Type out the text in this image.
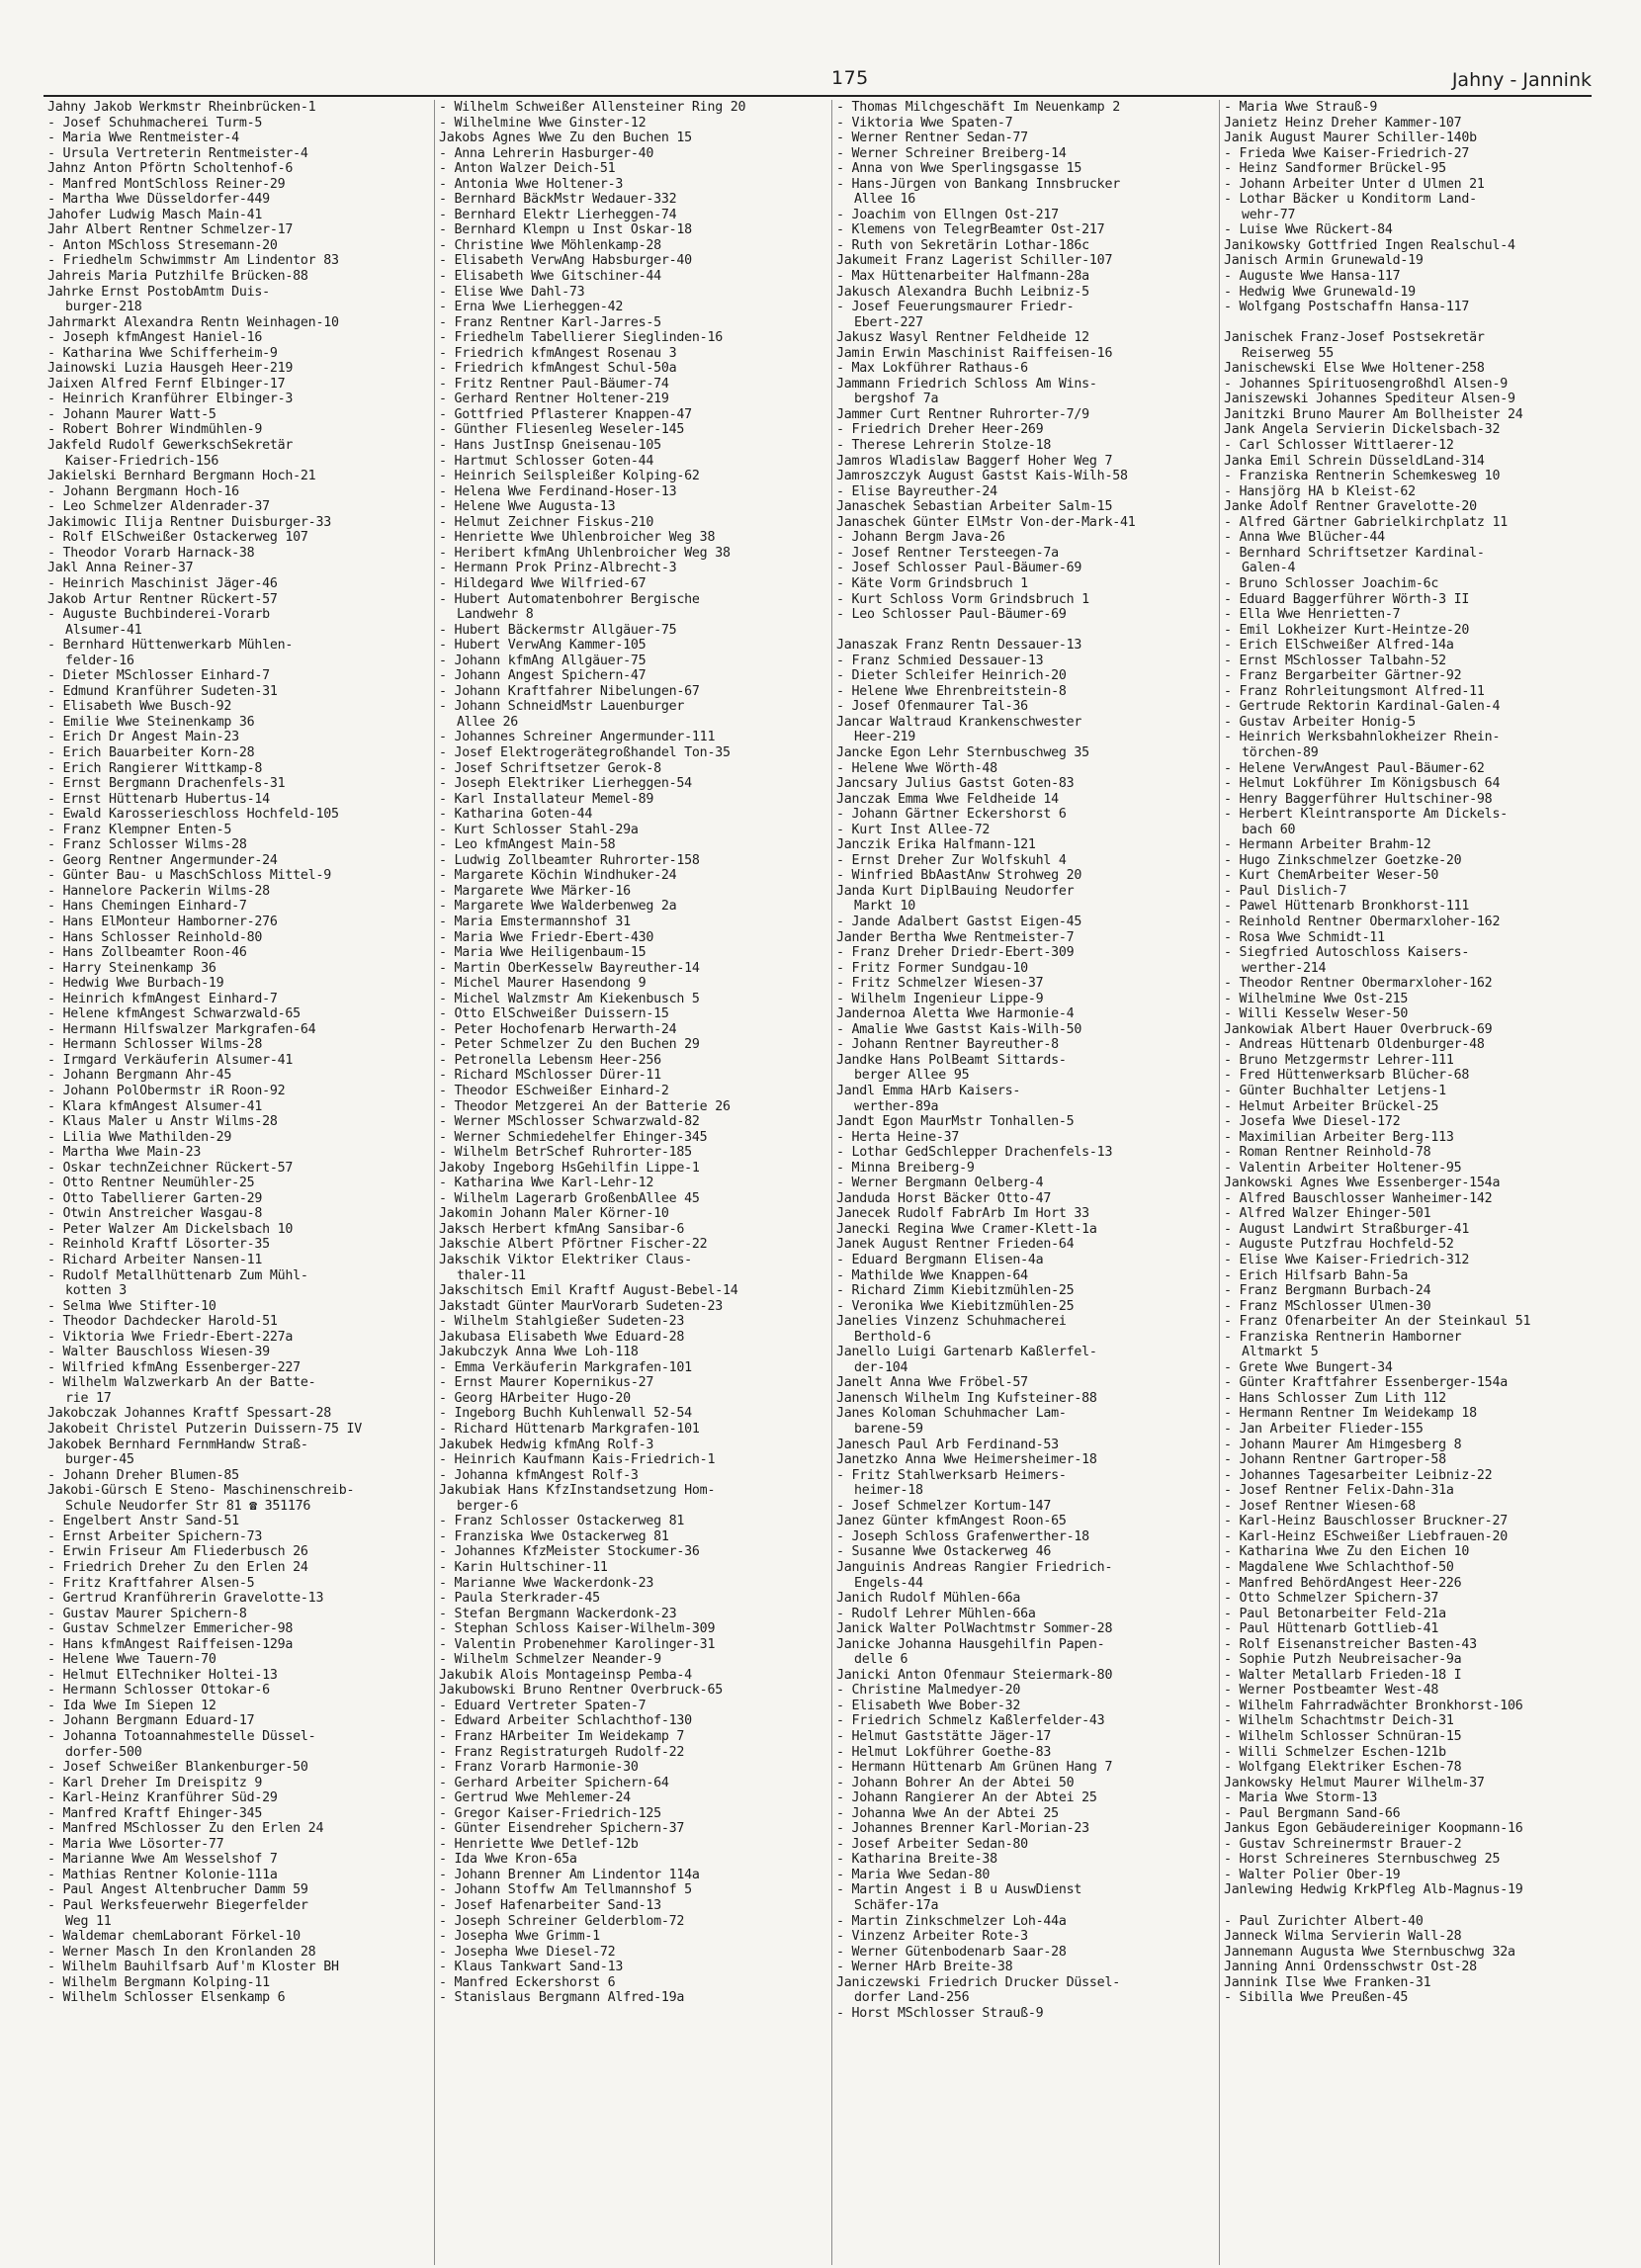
175	Jahny - Jannink
Jahny Jakob Werkmstr Rheinbrücken-1
- Josef Schuhmacherei Turm-5
- Maria Wwe Rentmeister-4
- Ursula Vertreterin Rentmeister-4
Jahnz Anton Pförtn Scholtenhof-6
- Manfred MontSchloss Reiner-29
- Martha Wwe Düsseldorfer-449
Jahofer Ludwig Masch Main-41
Jahr Albert Rentner Schmelzer-17
- Anton MSchloss Stresemann-20
- Friedhelm Schwimmstr Am Lindentor 83
Jahreis Maria Putzhilfe Brücken-88
Jahrke Ernst PostobAmtm Duis-
burger-218
Jahrmarkt Alexandra Rentn Weinhagen-10
- Joseph kfmAngest Haniel-16
- Katharina Wwe Schifferheim-9
Jainowski Luzia Hausgeh Heer-219
Jaixen Alfred Fernf Elbinger-17
- Heinrich Kranführer Elbinger-3
- Johann Maurer Watt-5
- Robert Bohrer Windmühlen-9
Jakfeld Rudolf GewerkschSekretär
Kaiser-Friedrich-156
Jakielski Bernhard Bergmann Hoch-21
- Johann Bergmann Hoch-16
- Leo Schmelzer Aldenrader-37
Jakimowic Ilija Rentner Duisburger-33
- Rolf ElSchweißer Ostackerweg 107
- Theodor Vorarb Harnack-38
Jakl Anna Reiner-37
- Heinrich Maschinist Jäger-46
Jakob Artur Rentner Rückert-57
- Auguste Buchbinderei-Vorarb
Alsumer-41
- Bernhard Hüttenwerkarb Mühlen-
felder-16
- Dieter MSchlosser Einhard-7
- Edmund Kranführer Sudeten-31
- Elisabeth Wwe Busch-92
- Emilie Wwe Steinenkamp 36
- Erich Dr Angest Main-23
- Erich Bauarbeiter Korn-28
- Erich Rangierer Wittkamp-8
- Ernst Bergmann Drachenfels-31
- Ernst Hüttenarb Hubertus-14
- Ewald Karosserieschloss Hochfeld-105
- Franz Klempner Enten-5
- Franz Schlosser Wilms-28
- Georg Rentner Angermunder-24
- Günter Bau- u MaschSchloss Mittel-9
- Hannelore Packerin Wilms-28
- Hans Chemingen Einhard-7
- Hans ElMonteur Hamborner-276
- Hans Schlosser Reinhold-80
- Hans Zollbeamter Roon-46
- Harry Steinenkamp 36
- Hedwig Wwe Burbach-19
- Heinrich kfmAngest Einhard-7
- Helene kfmAngest Schwarzwald-65
- Hermann Hilfswalzer Markgrafen-64
- Hermann Schlosser Wilms-28
- Irmgard Verkäuferin Alsumer-41
- Johann Bergmann Ahr-45
- Johann PolObermstr iR Roon-92
- Klara kfmAngest Alsumer-41
- Klaus Maler u Anstr Wilms-28
- Lilia Wwe Mathilden-29
- Martha Wwe Main-23
- Oskar technZeichner Rückert-57
- Otto Rentner Neumühler-25
- Otto Tabellierer Garten-29
- Otwin Anstreicher Wasgau-8
- Peter Walzer Am Dickelsbach 10
- Reinhold Kraftf Lösorter-35
- Richard Arbeiter Nansen-11
- Rudolf Metallhüttenarb Zum Mühl-
kotten 3
- Selma Wwe Stifter-10
- Theodor Dachdecker Harold-51
- Viktoria Wwe Friedr-Ebert-227a
- Walter Bauschloss Wiesen-39
- Wilfried kfmAng Essenberger-227
- Wilhelm Walzwerkarb An der Batte-
rie 17
Jakobczak Johannes Kraftf Spessart-28
Jakobeit Christel Putzerin Duissern-75 IV
Jakobek Bernhard FernmHandw Straß-
burger-45
- Johann Dreher Blumen-85
Jakobi-Gürsch E Steno- Maschinenschreib-
Schule Neudorfer Str 81 ☎ 351176
- Engelbert Anstr Sand-51
- Ernst Arbeiter Spichern-73
- Erwin Friseur Am Fliederbusch 26
- Friedrich Dreher Zu den Erlen 24
- Fritz Kraftfahrer Alsen-5
- Gertrud Kranführerin Gravelotte-13
- Gustav Maurer Spichern-8
- Gustav Schmelzer Emmericher-98
- Hans kfmAngest Raiffeisen-129a
- Helene Wwe Tauern-70
- Helmut ElTechniker Holtei-13
- Hermann Schlosser Ottokar-6
- Ida Wwe Im Siepen 12
- Johann Bergmann Eduard-17
- Johanna Totoannahmestelle Düssel-
dorfer-500
- Josef Schweißer Blankenburger-50
- Karl Dreher Im Dreispitz 9
- Karl-Heinz Kranführer Süd-29
- Manfred Kraftf Ehinger-345
- Manfred MSchlosser Zu den Erlen 24
- Maria Wwe Lösorter-77
- Marianne Wwe Am Wesselshof 7
- Mathias Rentner Kolonie-111a
- Paul Angest Altenbrucher Damm 59
- Paul Werksfeuerwehr Biegerfelder
Weg 11
- Waldemar chemLaborant Förkel-10
- Werner Masch In den Kronlanden 28
- Wilhelm Bauhilfsarb Auf'm Kloster BH
- Wilhelm Bergmann Kolping-11
- Wilhelm Schlosser Elsenkamp 6
- Wilhelm Schweißer Allensteiner Ring 20
- Wilhelmine Wwe Ginster-12
Jakobs Agnes Wwe Zu den Buchen 15
- Anna Lehrerin Hasburger-40
- Anton Walzer Deich-51
- Antonia Wwe Holtener-3
- Bernhard BäckMstr Wedauer-332
- Bernhard Elektr Lierheggen-74
- Bernhard Klempn u Inst Oskar-18
- Christine Wwe Möhlenkamp-28
- Elisabeth VerwAng Habsburger-40
- Elisabeth Wwe Gitschiner-44
- Elise Wwe Dahl-73
- Erna Wwe Lierheggen-42
- Franz Rentner Karl-Jarres-5
- Friedhelm Tabellierer Sieglinden-16
- Friedrich kfmAngest Rosenau 3
- Friedrich kfmAngest Schul-50a
- Fritz Rentner Paul-Bäumer-74
- Gerhard Rentner Holtener-219
- Gottfried Pflasterer Knappen-47
- Günther Fliesenleg Weseler-145
- Hans JustInsp Gneisenau-105
- Hartmut Schlosser Goten-44
- Heinrich Seilspleißer Kolping-62
- Helena Wwe Ferdinand-Hoser-13
- Helene Wwe Augusta-13
- Helmut Zeichner Fiskus-210
- Henriette Wwe Uhlenbroicher Weg 38
- Heribert kfmAng Uhlenbroicher Weg 38
- Hermann Prok Prinz-Albrecht-3
- Hildegard Wwe Wilfried-67
- Hubert Automatenbohrer Bergische
Landwehr 8
- Hubert Bäckermstr Allgäuer-75
- Hubert VerwAng Kammer-105
- Johann kfmAng Allgäuer-75
- Johann Angest Spichern-47
- Johann Kraftfahrer Nibelungen-67
- Johann SchneidMstr Lauenburger
Allee 26
- Johannes Schreiner Angermunder-111
- Josef Elektrogerätegroßhandel Ton-35
- Josef Schriftsetzer Gerok-8
- Joseph Elektriker Lierheggen-54
- Karl Installateur Memel-89
- Katharina Goten-44
- Kurt Schlosser Stahl-29a
- Leo kfmAngest Main-58
- Ludwig Zollbeamter Ruhrorter-158
- Margarete Köchin Windhuker-24
- Margarete Wwe Märker-16
- Margarete Wwe Walderbenweg 2a
- Maria Emstermannshof 31
- Maria Wwe Friedr-Ebert-430
- Maria Wwe Heiligenbaum-15
- Martin OberKesselw Bayreuther-14
- Michel Maurer Hasendong 9
- Michel Walzmstr Am Kiekenbusch 5
- Otto ElSchweißer Duissern-15
- Peter Hochofenarb Herwarth-24
- Peter Schmelzer Zu den Buchen 29
- Petronella Lebensm Heer-256
- Richard MSchlosser Dürer-11
- Theodor ESchweißer Einhard-2
- Theodor Metzgerei An der Batterie 26
- Werner MSchlosser Schwarzwald-82
- Werner Schmiedehelfer Ehinger-345
- Wilhelm BetrSchef Ruhrorter-185
Jakoby Ingeborg HsGehilfin Lippe-1
- Katharina Wwe Karl-Lehr-12
- Wilhelm Lagerarb GroßenbAllee 45
Jakomin Johann Maler Körner-10
Jaksch Herbert kfmAng Sansibar-6
Jakschie Albert Pförtner Fischer-22
Jakschik Viktor Elektriker Claus-
thaler-11
Jakschitsch Emil Kraftf August-Bebel-14
Jakstadt Günter MaurVorarb Sudeten-23
- Wilhelm Stahlgießer Sudeten-23
Jakubasa Elisabeth Wwe Eduard-28
Jakubczyk Anna Wwe Loh-118
- Emma Verkäuferin Markgrafen-101
- Ernst Maurer Kopernikus-27
- Georg HArbeiter Hugo-20
- Ingeborg Buchh Kuhlenwall 52-54
- Richard Hüttenarb Markgrafen-101
Jakubek Hedwig kfmAng Rolf-3
- Heinrich Kaufmann Kais-Friedrich-1
- Johanna kfmAngest Rolf-3
Jakubiak Hans KfzInstandsetzung Hom-
berger-6
- Franz Schlosser Ostackerweg 81
- Franziska Wwe Ostackerweg 81
- Johannes KfzMeister Stockumer-36
- Karin Hultschiner-11
- Marianne Wwe Wackerdonk-23
- Paula Sterkrader-45
- Stefan Bergmann Wackerdonk-23
- Stephan Schloss Kaiser-Wilhelm-309
- Valentin Probenehmer Karolinger-31
- Wilhelm Schmelzer Neander-9
Jakubik Alois Montageinsp Pemba-4
Jakubowski Bruno Rentner Overbruck-65
- Eduard Vertreter Spaten-7
- Edward Arbeiter Schlachthof-130
- Franz HArbeiter Im Weidekamp 7
- Franz Registraturgeh Rudolf-22
- Franz Vorarb Harmonie-30
- Gerhard Arbeiter Spichern-64
- Gertrud Wwe Mehlemer-24
- Gregor Kaiser-Friedrich-125
- Günter Eisendreher Spichern-37
- Henriette Wwe Detlef-12b
- Ida Wwe Kron-65a
- Johann Brenner Am Lindentor 114a
- Johann Stoffw Am Tellmannshof 5
- Josef Hafenarbeiter Sand-13
- Joseph Schreiner Gelderblom-72
- Josepha Wwe Grimm-1
- Josepha Wwe Diesel-72
- Klaus Tankwart Sand-13
- Manfred Eckershorst 6
- Stanislaus Bergmann Alfred-19a
- Thomas Milchgeschäft Im Neuenkamp 2
- Viktoria Wwe Spaten-7
- Werner Rentner Sedan-77
- Werner Schreiner Breiberg-14
- Anna von Wwe Sperlingsgasse 15
- Hans-Jürgen von Bankang Innsbrucker
Allee 16
- Joachim von Ellngen Ost-217
- Klemens von TelegrBeamter Ost-217
- Ruth von Sekretärin Lothar-186c
Jakumeit Franz Lagerist Schiller-107
- Max Hüttenarbeiter Halfmann-28a
Jakusch Alexandra Buchh Leibniz-5
- Josef Feuerungsmaurer Friedr-
Ebert-227
Jakusz Wasyl Rentner Feldheide 12
Jamin Erwin Maschinist Raiffeisen-16
- Max Lokführer Rathaus-6
Jammann Friedrich Schloss Am Wins-
bergshof 7a
Jammer Curt Rentner Ruhrorter-7/9
- Friedrich Dreher Heer-269
- Therese Lehrerin Stolze-18
Jamros Wladislaw Baggerf Hoher Weg 7
Jamroszczyk August Gastst Kais-Wilh-58
- Elise Bayreuther-24
Janaschek Sebastian Arbeiter Salm-15
Janaschek Günter ElMstr Von-der-Mark-41
- Johann Bergm Java-26
- Josef Rentner Tersteegen-7a
- Josef Schlosser Paul-Bäumer-69
- Käte Vorm Grindsbruch 1
- Kurt Schloss Vorm Grindsbruch 1
- Leo Schlosser Paul-Bäumer-69

Janaszak Franz Rentn Dessauer-13
- Franz Schmied Dessauer-13
- Dieter Schleifer Heinrich-20
- Helene Wwe Ehrenbreitstein-8
- Josef Ofenmaurer Tal-36
Jancar Waltraud Krankenschwester
Heer-219
Jancke Egon Lehr Sternbuschweg 35
- Helene Wwe Wörth-48
Jancsary Julius Gastst Goten-83
Janczak Emma Wwe Feldheide 14
- Johann Gärtner Eckershorst 6
- Kurt Inst Allee-72
Janczik Erika Halfmann-121
- Ernst Dreher Zur Wolfskuhl 4
- Winfried BbAastAnw Strohweg 20
Janda Kurt DiplBauing Neudorfer
Markt 10
- Jande Adalbert Gastst Eigen-45
Jander Bertha Wwe Rentmeister-7
- Franz Dreher Driedr-Ebert-309
- Fritz Former Sundgau-10
- Fritz Schmelzer Wiesen-37
- Wilhelm Ingenieur Lippe-9
Jandernoa Aletta Wwe Harmonie-4
- Amalie Wwe Gastst Kais-Wilh-50
- Johann Rentner Bayreuther-8
Jandke Hans PolBeamt Sittards-
berger Allee 95
Jandl Emma HArb Kaisers-
werther-89a
Jandt Egon MaurMstr Tonhallen-5
- Herta Heine-37
- Lothar GedSchlepper Drachenfels-13
- Minna Breiberg-9
- Werner Bergmann Oelberg-4
Janduda Horst Bäcker Otto-47
Janecek Rudolf FabrArb Im Hort 33
Janecki Regina Wwe Cramer-Klett-1a
Janek August Rentner Frieden-64
- Eduard Bergmann Elisen-4a
- Mathilde Wwe Knappen-64
- Richard Zimm Kiebitzmühlen-25
- Veronika Wwe Kiebitzmühlen-25
Janelies Vinzenz Schuhmacherei
Berthold-6
Janello Luigi Gartenarb Kaßlerfel-
der-104
Janelt Anna Wwe Fröbel-57
Janensch Wilhelm Ing Kufsteiner-88
Janes Koloman Schuhmacher Lam-
barene-59
Janesch Paul Arb Ferdinand-53
Janetzko Anna Wwe Heimersheimer-18
- Fritz Stahlwerksarb Heimers-
heimer-18
- Josef Schmelzer Kortum-147
Janez Günter kfmAngest Roon-65
- Joseph Schloss Grafenwerther-18
- Susanne Wwe Ostackerweg 46
Janguinis Andreas Rangier Friedrich-
Engels-44
Janich Rudolf Mühlen-66a
- Rudolf Lehrer Mühlen-66a
Janick Walter PolWachtmstr Sommer-28
Janicke Johanna Hausgehilfin Papen-
delle 6
Janicki Anton Ofenmaur Steiermark-80
- Christine Malmedyer-20
- Elisabeth Wwe Bober-32
- Friedrich Schmelz Kaßlerfelder-43
- Helmut Gaststätte Jäger-17
- Helmut Lokführer Goethe-83
- Hermann Hüttenarb Am Grünen Hang 7
- Johann Bohrer An der Abtei 50
- Johann Rangierer An der Abtei 25
- Johanna Wwe An der Abtei 25
- Johannes Brenner Karl-Morian-23
- Josef Arbeiter Sedan-80
- Katharina Breite-38
- Maria Wwe Sedan-80
- Martin Angest i B u AuswDienst
Schäfer-17a
- Martin Zinkschmelzer Loh-44a
- Vinzenz Arbeiter Rote-3
- Werner Gütenbodenarb Saar-28
- Werner HArb Breite-38
Janiczewski Friedrich Drucker Düssel-
dorfer Land-256
- Horst MSchlosser Strauß-9
- Maria Wwe Strauß-9
Janietz Heinz Dreher Kammer-107
Janik August Maurer Schiller-140b
- Frieda Wwe Kaiser-Friedrich-27
- Heinz Sandformer Brückel-95
- Johann Arbeiter Unter d Ulmen 21
- Lothar Bäcker u Konditorm Land-
wehr-77
- Luise Wwe Rückert-84
Janikowsky Gottfried Ingen Realschul-4
Janisch Armin Grunewald-19
- Auguste Wwe Hansa-117
- Hedwig Wwe Grunewald-19
- Wolfgang Postschaffn Hansa-117

Janischek Franz-Josef Postsekretär
Reiserweg 55
Janischewski Else Wwe Holtener-258
- Johannes Spirituosengroßhdl Alsen-9
Janiszewski Johannes Spediteur Alsen-9
Janitzki Bruno Maurer Am Bollheister 24
Jank Angela Servierin Dickelsbach-32
- Carl Schlosser Wittlaerer-12
Janka Emil Schrein DüsseldLand-314
- Franziska Rentnerin Schemkesweg 10
- Hansjörg HA b Kleist-62
Janke Adolf Rentner Gravelotte-20
- Alfred Gärtner Gabrielkirchplatz 11
- Anna Wwe Blücher-44
- Bernhard Schriftsetzer Kardinal-
Galen-4
- Bruno Schlosser Joachim-6c
- Eduard Baggerführer Wörth-3 II
- Ella Wwe Henrietten-7
- Emil Lokheizer Kurt-Heintze-20
- Erich ElSchweißer Alfred-14a
- Ernst MSchlosser Talbahn-52
- Franz Bergarbeiter Gärtner-92
- Franz Rohrleitungsmont Alfred-11
- Gertrude Rektorin Kardinal-Galen-4
- Gustav Arbeiter Honig-5
- Heinrich Werksbahnlokheizer Rhein-
törchen-89
- Helene VerwAngest Paul-Bäumer-62
- Helmut Lokführer Im Königsbusch 64
- Henry Baggerführer Hultschiner-98
- Herbert Kleintransporte Am Dickels-
bach 60
- Hermann Arbeiter Brahm-12
- Hugo Zinkschmelzer Goetzke-20
- Kurt ChemArbeiter Weser-50
- Paul Dislich-7
- Pawel Hüttenarb Bronkhorst-111
- Reinhold Rentner Obermarxloher-162
- Rosa Wwe Schmidt-11
- Siegfried Autoschloss Kaisers-
werther-214
- Theodor Rentner Obermarxloher-162
- Wilhelmine Wwe Ost-215
- Willi Kesselw Weser-50
Jankowiak Albert Hauer Overbruck-69
- Andreas Hüttenarb Oldenburger-48
- Bruno Metzgermstr Lehrer-111
- Fred Hüttenwerksarb Blücher-68
- Günter Buchhalter Letjens-1
- Helmut Arbeiter Brückel-25
- Josefa Wwe Diesel-172
- Maximilian Arbeiter Berg-113
- Roman Rentner Reinhold-78
- Valentin Arbeiter Holtener-95
Jankowski Agnes Wwe Essenberger-154a
- Alfred Bauschlosser Wanheimer-142
- Alfred Walzer Ehinger-501
- August Landwirt Straßburger-41
- Auguste Putzfrau Hochfeld-52
- Elise Wwe Kaiser-Friedrich-312
- Erich Hilfsarb Bahn-5a
- Franz Bergmann Burbach-24
- Franz MSchlosser Ulmen-30
- Franz Ofenarbeiter An der Steinkaul 51
- Franziska Rentnerin Hamborner
Altmarkt 5
- Grete Wwe Bungert-34
- Günter Kraftfahrer Essenberger-154a
- Hans Schlosser Zum Lith 112
- Hermann Rentner Im Weidekamp 18
- Jan Arbeiter Flieder-155
- Johann Maurer Am Himgesberg 8
- Johann Rentner Gartroper-58
- Johannes Tagesarbeiter Leibniz-22
- Josef Rentner Felix-Dahn-31a
- Josef Rentner Wiesen-68
- Karl-Heinz Bauschlosser Bruckner-27
- Karl-Heinz ESchweißer Liebfrauen-20
- Katharina Wwe Zu den Eichen 10
- Magdalene Wwe Schlachthof-50
- Manfred BehördAngest Heer-226
- Otto Schmelzer Spichern-37
- Paul Betonarbeiter Feld-21a
- Paul Hüttenarb Gottlieb-41
- Rolf Eisenanstreicher Basten-43
- Sophie Putzh Neubreisacher-9a
- Walter Metallarb Frieden-18 I
- Werner Postbeamter West-48
- Wilhelm Fahrradwächter Bronkhorst-106
- Wilhelm Schachtmstr Deich-31
- Wilhelm Schlosser Schnüran-15
- Willi Schmelzer Eschen-121b
- Wolfgang Elektriker Eschen-78
Jankowsky Helmut Maurer Wilhelm-37
- Maria Wwe Storm-13
- Paul Bergmann Sand-66
Jankus Egon Gebäudereiniger Koopmann-16
- Gustav Schreinermstr Brauer-2
- Horst Schreineres Sternbuschweg 25
- Walter Polier Ober-19
Janlewing Hedwig KrkPfleg Alb-Magnus-19

- Paul Zurichter Albert-40
Janneck Wilma Servierin Wall-28
Jannemann Augusta Wwe Sternbuschwg 32a
Janning Anni Ordensschwstr Ost-28
Jannink Ilse Wwe Franken-31
- Sibilla Wwe Preußen-45
